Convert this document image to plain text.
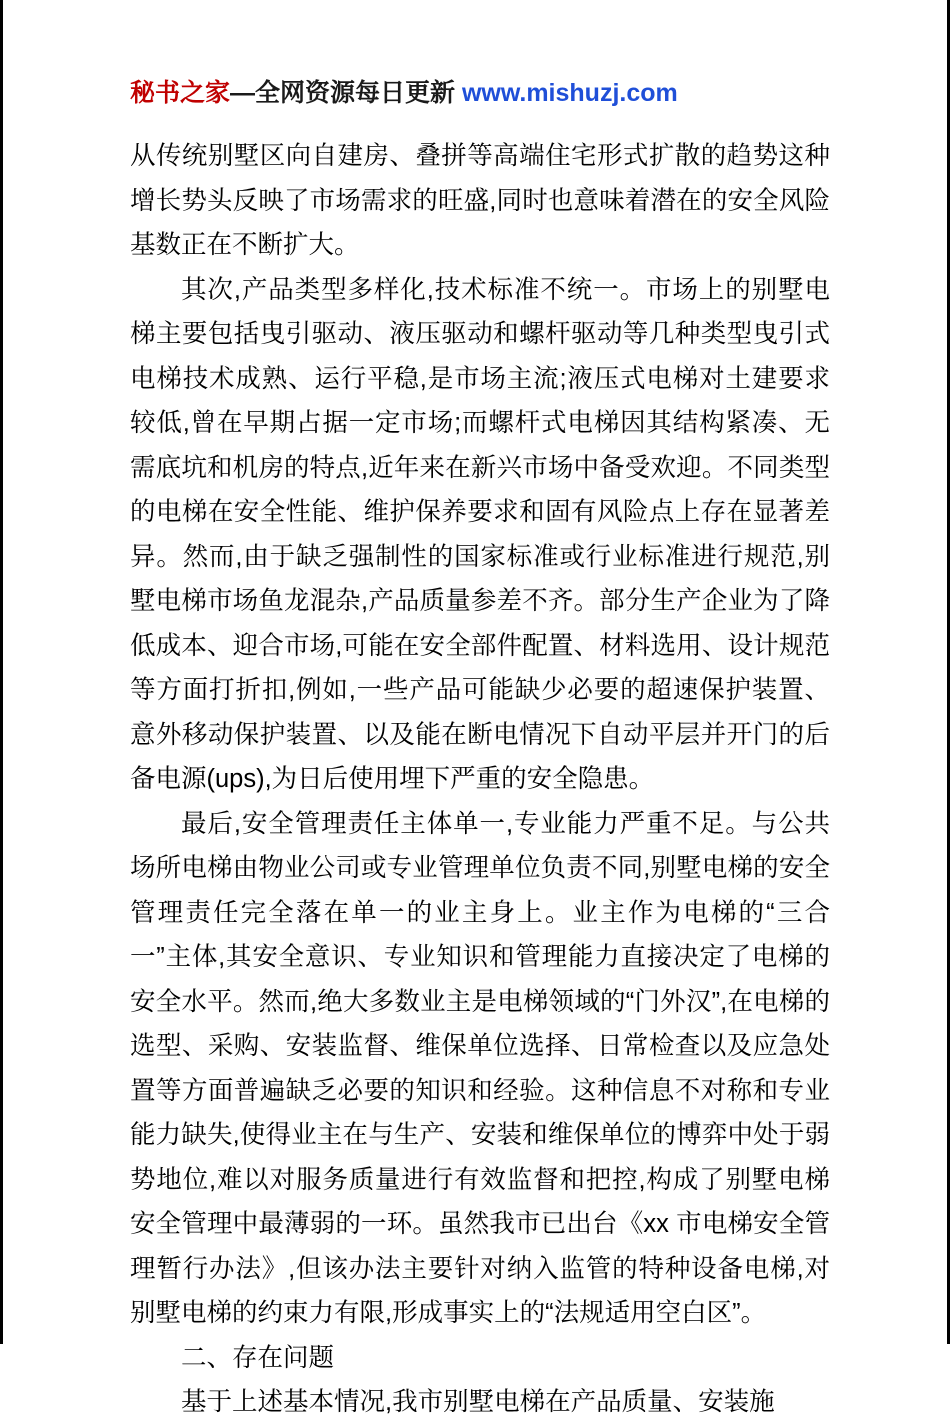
秘书之家—全网资源每日更新 www.mishuzj.com

从传统别墅区向自建房、叠拼等高端住宅形式扩散的趋势这种增长势头反映了市场需求的旺盛,同时也意味着潜在的安全风险基数正在不断扩大。

其次,产品类型多样化,技术标准不统一。市场上的别墅电梯主要包括曳引驱动、液压驱动和螺杆驱动等几种类型曳引式电梯技术成熟、运行平稳,是市场主流;液压式电梯对土建要求较低,曾在早期占据一定市场;而螺杆式电梯因其结构紧凑、无需底坑和机房的特点,近年来在新兴市场中备受欢迎。不同类型的电梯在安全性能、维护保养要求和固有风险点上存在显著差异。然而,由于缺乏强制性的国家标准或行业标准进行规范,别墅电梯市场鱼龙混杂,产品质量参差不齐。部分生产企业为了降低成本、迎合市场,可能在安全部件配置、材料选用、设计规范等方面打折扣,例如,一些产品可能缺少必要的超速保护装置、意外移动保护装置、以及能在断电情况下自动平层并开门的后备电源(ups),为日后使用埋下严重的安全隐患。

最后,安全管理责任主体单一,专业能力严重不足。与公共场所电梯由物业公司或专业管理单位负责不同,别墅电梯的安全管理责任完全落在单一的业主身上。业主作为电梯的“三合一”主体,其安全意识、专业知识和管理能力直接决定了电梯的安全水平。然而,绝大多数业主是电梯领域的“门外汉”,在电梯的选型、采购、安装监督、维保单位选择、日常检查以及应急处置等方面普遍缺乏必要的知识和经验。这种信息不对称和专业能力缺失,使得业主在与生产、安装和维保单位的博弈中处于弱势地位,难以对服务质量进行有效监督和把控,构成了别墅电梯安全管理中最薄弱的一环。虽然我市已出台《xx 市电梯安全管理暂行办法》,但该办法主要针对纳入监管的特种设备电梯,对别墅电梯的约束力有限,形成事实上的“法规适用空白区”。

二、存在问题

基于上述基本情况,我市别墅电梯在产品质量、安装施
